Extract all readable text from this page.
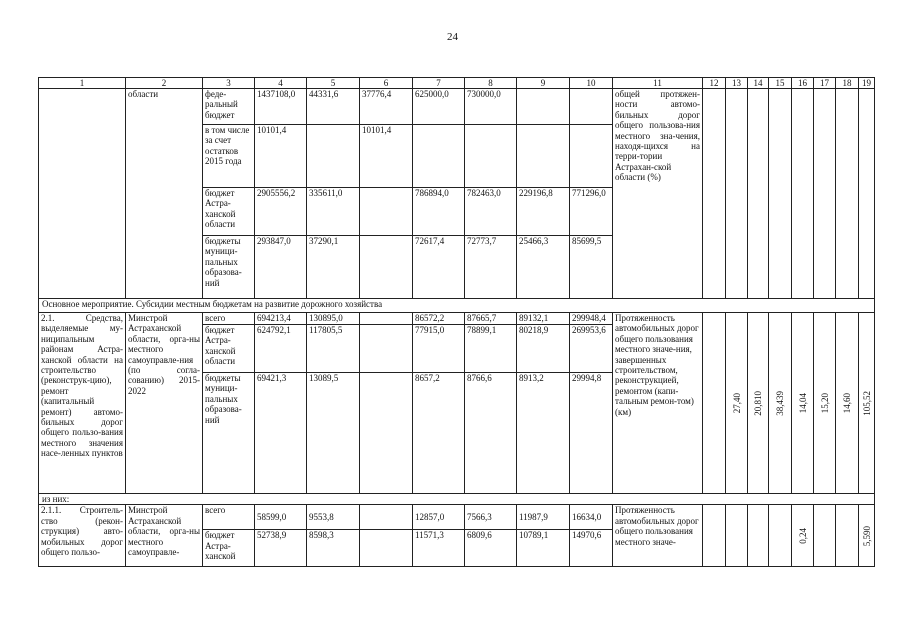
24
1	2	3	4	5	6	7	8	9	10	11	12	13	14	15	16	17	18	19
	области	феде-ральный бюджет	1437108,0	44331,6	37776,4	625000,0	730000,0			общей протяжен-ности автомо-бильных дорог общего пользова-ния местного зна-чения, находя-щихся на терри-тории Астрахан-ской области (%)								
		в том числе за счет остатков 2015 года	10101,4		10101,4													
		бюджет Астра-ханской области	2905556,2	335611,0		786894,0	782463,0	229196,8	771296,0									
		бюджеты муници-пальных образова-ний	293847,0	37290,1		72617,4	72773,7	25466,3	85699,5									
Основное мероприятие. Субсидии местным бюджетам на развитие дорожного хозяйства																		
2.1. Средства, выделяемые му-ниципальным районам Астра-ханской области на строительство (реконструк-цию), ремонт (капитальный ремонт) автомо-бильных дорог общего пользо-вания местного значения насе-ленных пунктов	Минстрой Астраханской области, орга-ны местного самоуправле-ния (по согла-сованию) 2015-2022	всего	694213,4	130895,0		86572,2	87665,7	89132,1	299948,4	Протяженность автомобильных дорог общего пользования местного значе-ния, завершенных строительством, реконструкцией, ремонтом (капи-тальным ремон-том) (км)		27,40	20,810	38,439	14,04	15,20	14,60	105,52

		бюджет Астра-ханской области	624792,1	117805,5		77915,0	78899,1	80218,9	269953,6									
		бюджеты муници-пальных образова-ний	69421,3	13089,5		8657,2	8766,6	8913,2	29994,8									
из них:																		
2.1.1. Строитель-ство (рекон-струкция) авто-мобильных дорог общего пользо-	Минстрой Астраханской области, орга-ны местного самоуправле-	всего	58599,0	9553,8		12857,0	7566,3	11987,9	16634,0	Протяженность автомобильных дорог общего пользования местного значе-					0,24			5,590

		бюджет Астра-ханской	52738,9	8598,3		11571,3	6809,6	10789,1	14970,6									
